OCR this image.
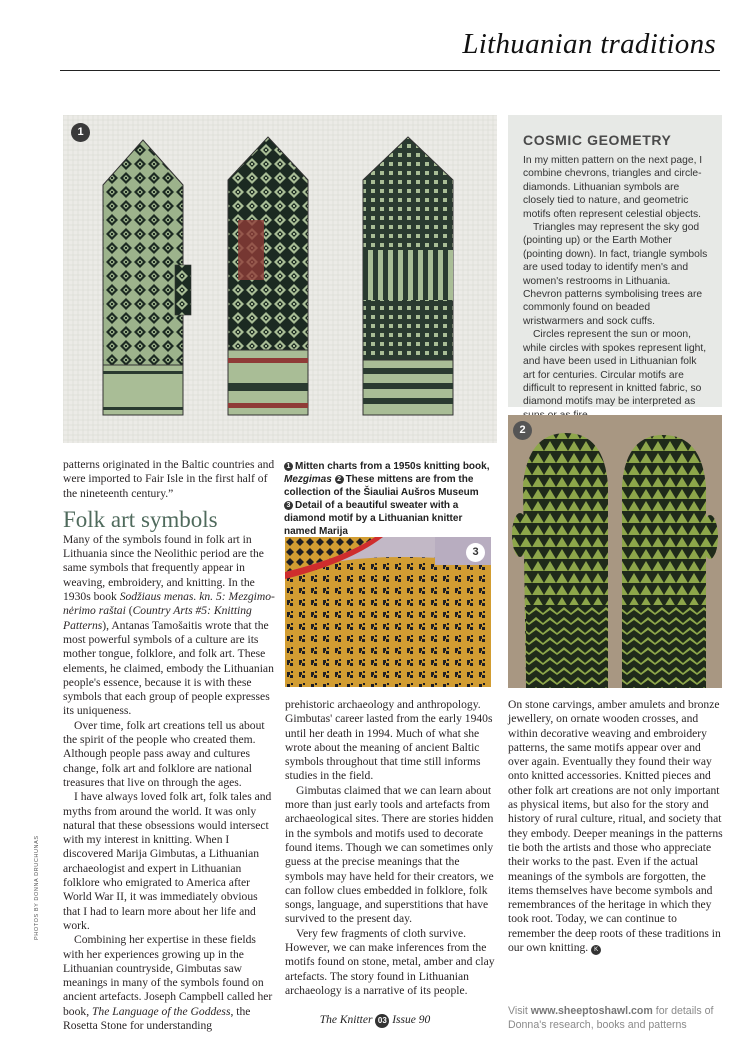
Lithuanian traditions
1	COSMIC GEOMETRY

In my mitten pattern on the next page, I combine chevrons, triangles and circle-diamonds. Lithuanian symbols are closely tied to nature, and geometric motifs often represent celestial objects.

Triangles may represent the sky god (pointing up) or the Earth Mother (pointing down). In fact, triangle symbols are used today to identify men's and women's restrooms in Lithuania. Chevron patterns symbolising trees are commonly found on beaded wristwarmers and sock cuffs.

Circles represent the sun or moon, while circles with spokes represent light, and have been used in Lithuanian folk art for centuries. Circular motifs are difficult to represent in knitted fabric, so diamond motifs may be interpreted as

2
1 Mitten charts from a 1950s knitting book, Mezgimas 2 These mittens are from the collection of the Šiauliai Aušros Museum 3 Detail of a beautiful sweater with a diamond motif by a Lithuanian knitter named Marija
3

patterns originated in the Baltic countries and were imported to Fair Isle in the first half of the nineteenth century.”

Folk art symbols

Many of the symbols found in folk art in Lithuania since the Neolithic period are the same symbols that frequently appear in weaving, embroidery, and knitting. In the 1930s book Sodžiaus menas. kn. 5: Mezgimo-nėrimo raštai (Country Arts #5: Knitting Patterns), Antanas Tamošaitis wrote that the most powerful symbols of a culture are its mother tongue, folklore, and folk art. These elements, he claimed, embody the Lithuanian people's essence, because it is with these symbols that each group of people expresses its uniqueness.

Over time, folk art creations tell us about the spirit of the people who created them. Although people pass away and cultures change, folk art and folklore are national treasures that live on through the ages.

I have always loved folk art, folk tales and myths from around the world. It was only natural that these obsessions would intersect with my interest in knitting. When I discovered Marija Gimbutas, a Lithuanian archaeologist and expert in Lithuanian folklore who emigrated to America after World War II, it was immediately obvious that I had to learn more about her life and work.

Combining her expertise in these fields with her experiences growing up in the Lithuanian countryside, Gimbutas saw meanings in many of the symbols found on ancient artefacts. Joseph Campbell called her book, The Language of the Goddess, the Rosetta Stone for understanding

prehistoric archaeology and anthropology. Gimbutas' career lasted from the early 1940s until her death in 1994. Much of what she wrote about the meaning of ancient Baltic symbols throughout that time still informs studies in the field.

Gimbutas claimed that we can learn about more than just early tools and artefacts from archaeological sites. There are stories hidden in the symbols and motifs used to decorate found items. Though we can sometimes only guess at the precise meanings that the symbols may have held for their creators, we can follow clues embedded in folklore, folk songs, language, and superstitions that have survived to the present day.

Very few fragments of cloth survive. However, we can make inferences from the motifs found on stone, metal, amber and clay artefacts. The story found in Lithuanian archaeology is a narrative of its people.

On stone carvings, amber amulets and bronze jewellery, on ornate wooden crosses, and within decorative weaving and embroidery patterns, the same motifs appear over and over again. Eventually they found their way onto knitted accessories. Knitted pieces and other folk art creations are not only important as physical items, but also for the story and history of rural culture, ritual, and society that they embody. Deeper meanings in the patterns tie both the artists and those who appreciate their works to the past. Even if the actual meanings of the symbols are forgotten, the items themselves have become symbols and remembrances of the heritage in which they took root. Today, we can continue to remember the deep roots of these traditions in our own knitting. K

Visit www.sheeptoshawl.com for details of Donna's research, books and patterns
PHOTOS BY DONNA DRUCHUNAS
The Knitter 03 Issue 90
